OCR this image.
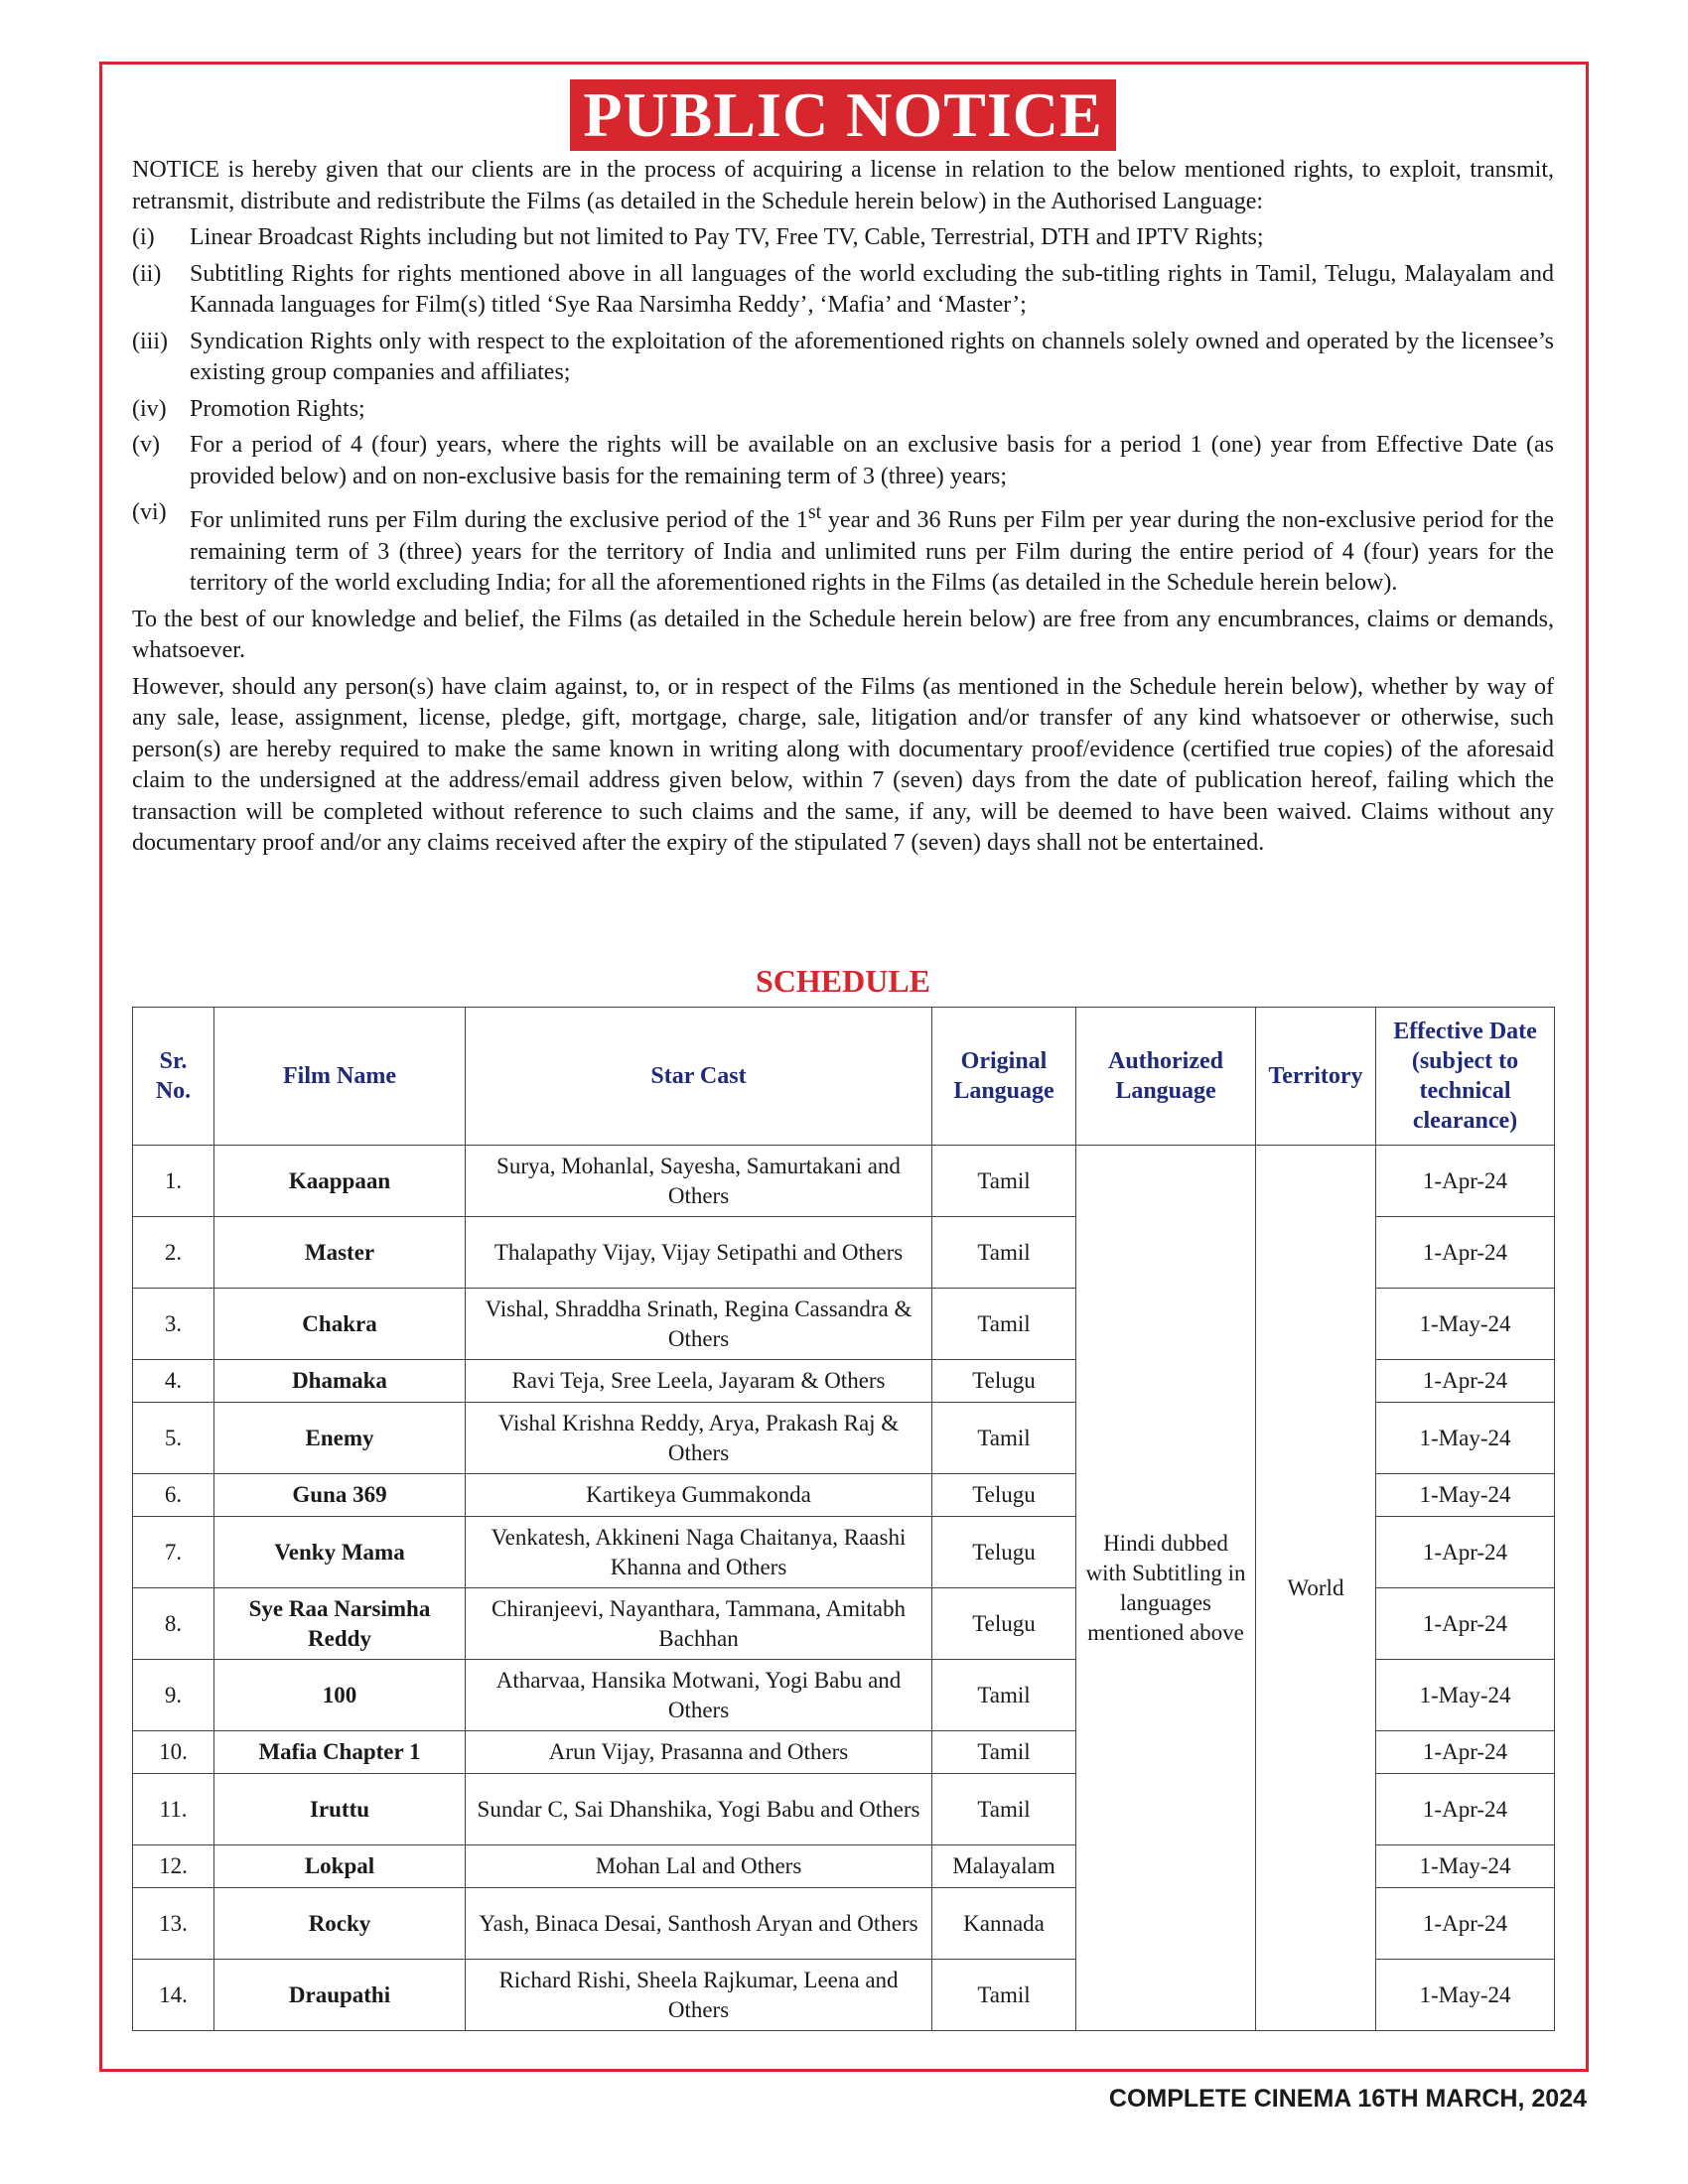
PUBLIC NOTICE

NOTICE is hereby given that our clients are in the process of acquiring a license in relation to the below mentioned rights, to exploit, transmit, retransmit, distribute and redistribute the Films (as detailed in the Schedule herein below) in the Authorised Language:

(i)	Linear Broadcast Rights including but not limited to Pay TV, Free TV, Cable, Terrestrial, DTH and IPTV Rights;
(ii)	Subtitling Rights for rights mentioned above in all languages of the world excluding the sub-titling rights in Tamil, Telugu, Malayalam and Kannada languages for Film(s) titled ‘Sye Raa Narsimha Reddy’, ‘Mafia’ and ‘Master’;
(iii) Syndication Rights only with respect to the exploitation of the aforementioned rights on channels solely owned and operated by the licensee’s existing group companies and affiliates;
(iv) Promotion Rights;
(v)	For a period of 4 (four) years, where the rights will be available on an exclusive basis for a period 1 (one) year from Effective Date (as provided below) and on non-exclusive basis for the remaining term of 3 (three) years;
(vi) For unlimited runs per Film during the exclusive period of the 1st year and 36 Runs per Film per year during the non-exclusive period for the remaining term of 3 (three) years for the territory of India and unlimited runs per Film during the entire period of 4 (four) years for the territory of the world excluding India; for all the aforementioned rights in the Films (as detailed in the Schedule herein below).

To the best of our knowledge and belief, the Films (as detailed in the Schedule herein below) are free from any encumbrances, claims or demands, whatsoever.

However, should any person(s) have claim against, to, or in respect of the Films (as mentioned in the Schedule herein below), whether by way of any sale, lease, assignment, license, pledge, gift, mortgage, charge, sale, litigation and/or transfer of any kind whatsoever or otherwise, such person(s) are hereby required to make the same known in writing along with documentary proof/evidence (certified true copies) of the aforesaid claim to the undersigned at the address/email address given below, within 7 (seven) days from the date of publication hereof, failing which the transaction will be completed without reference to such claims and the same, if any, will be deemed to have been waived. Claims without any documentary proof and/or any claims received after the expiry of the stipulated 7 (seven) days shall not be entertained.

SCHEDULE
Sr. No.	Film Name	Star Cast	Original Language	Authorized Language	Territory	Effective Date (subject to technical clearance)
1.	Kaappaan	Surya, Mohanlal, Sayesha, Samurtakani and Others	Tamil	Hindi dubbed with Subtitling in languages mentioned above	World	1-Apr-24
2.	Master	Thalapathy Vijay, Vijay Setipathi and Others	Tamil			1-Apr-24
3.	Chakra	Vishal, Shraddha Srinath, Regina Cassandra & Others	Tamil			1-May-24
4.	Dhamaka	Ravi Teja, Sree Leela, Jayaram & Others	Telugu			1-Apr-24
5.	Enemy	Vishal Krishna Reddy, Arya, Prakash Raj & Others	Tamil			1-May-24
6.	Guna 369	Kartikeya Gummakonda	Telugu			1-May-24
7.	Venky Mama	Venkatesh, Akkineni Naga Chaitanya, Raashi Khanna and Others	Telugu			1-Apr-24
8.	Sye Raa Narsimha Reddy	Chiranjeevi, Nayanthara, Tammana, Amitabh Bachhan	Telugu			1-Apr-24
9.	100	Atharvaa, Hansika Motwani, Yogi Babu and Others	Tamil			1-May-24
10.	Mafia Chapter 1	Arun Vijay, Prasanna and Others	Tamil			1-Apr-24
11.	Iruttu	Sundar C, Sai Dhanshika, Yogi Babu and Others	Tamil			1-Apr-24
12.	Lokpal	Mohan Lal and Others	Malayalam			1-May-24
13.	Rocky	Yash, Binaca Desai, Santhosh Aryan and Others	Kannada			1-Apr-24
14.	Draupathi	Richard Rishi, Sheela Rajkumar, Leena and Others	Tamil			1-May-24
COMPLETE CINEMA 16TH MARCH, 2024
